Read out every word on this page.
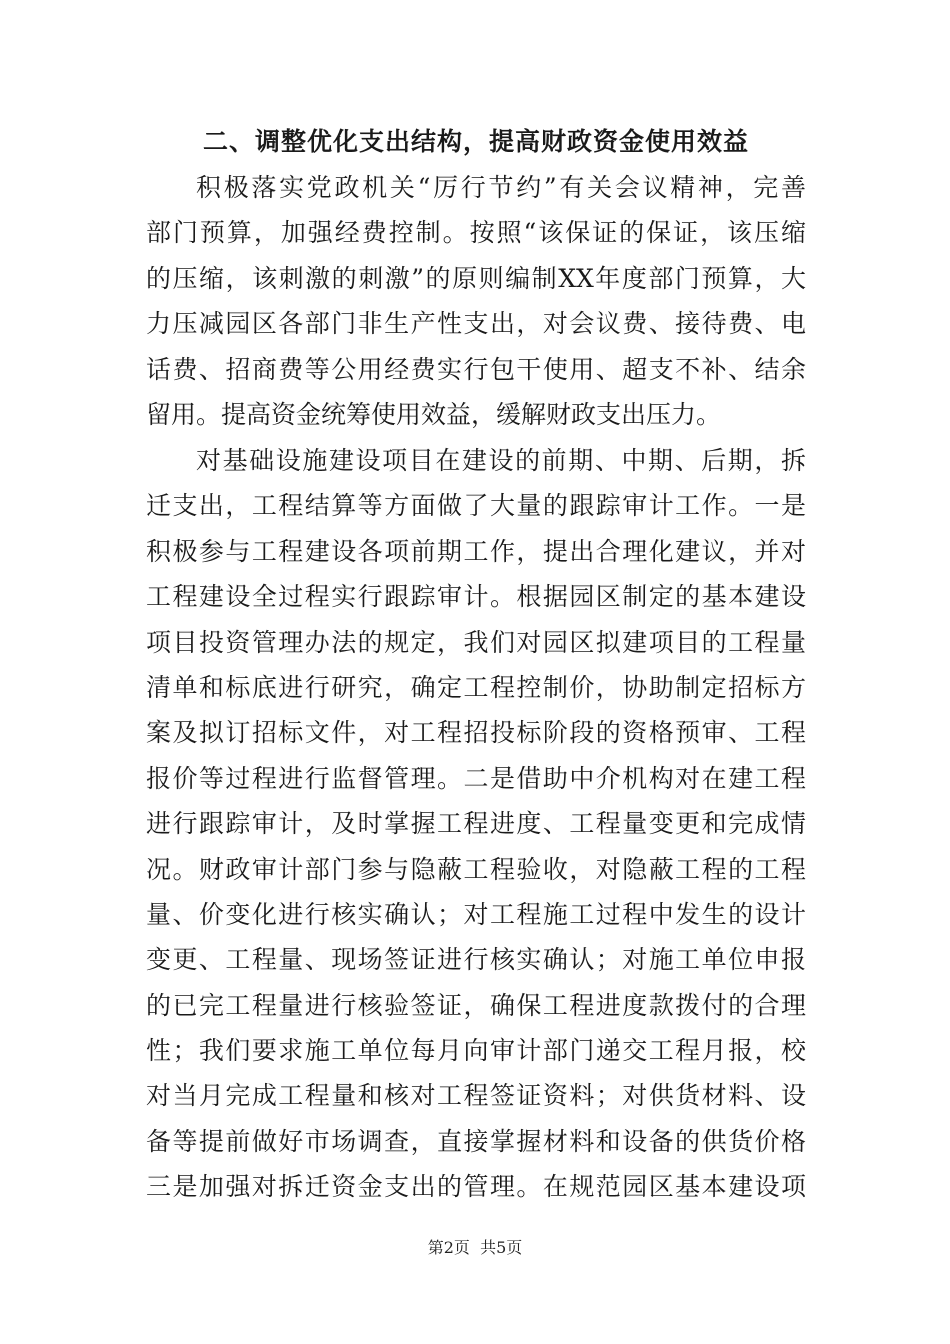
二、调整优化支出结构，提高财政资金使用效益
积极落实党政机关“厉行节约”有关会议精神，完善
部门预算，加强经费控制。按照“该保证的保证，该压缩
的压缩，该刺激的刺激”的原则编制XX年度部门预算，大
力压减园区各部门非生产性支出，对会议费、接待费、电
话费、招商费等公用经费实行包干使用、超支不补、结余
留用。提高资金统筹使用效益，缓解财政支出压力。
对基础设施建设项目在建设的前期、中期、后期，拆
迁支出，工程结算等方面做了大量的跟踪审计工作。一是
积极参与工程建设各项前期工作，提出合理化建议，并对
工程建设全过程实行跟踪审计。根据园区制定的基本建设
项目投资管理办法的规定，我们对园区拟建项目的工程量
清单和标底进行研究，确定工程控制价，协助制定招标方
案及拟订招标文件，对工程招投标阶段的资格预审、工程
报价等过程进行监督管理。二是借助中介机构对在建工程
进行跟踪审计，及时掌握工程进度、工程量变更和完成情
况。财政审计部门参与隐蔽工程验收，对隐蔽工程的工程
量、价变化进行核实确认；对工程施工过程中发生的设计
变更、工程量、现场签证进行核实确认；对施工单位申报
的已完工程量进行核验签证，确保工程进度款拨付的合理
性；我们要求施工单位每月向审计部门递交工程月报，校
对当月完成工程量和核对工程签证资料；对供货材料、设
备等提前做好市场调查，直接掌握材料和设备的供货价格
三是加强对拆迁资金支出的管理。在规范园区基本建设项
第2页  共5页
